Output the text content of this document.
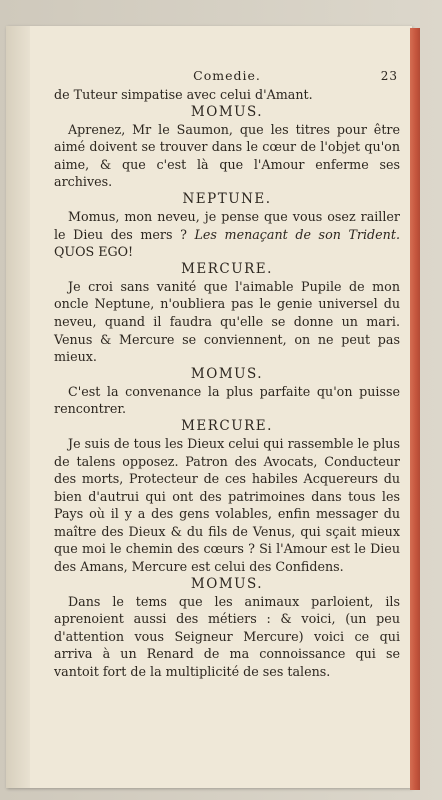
Comedie.	23

de Tuteur simpatise avec celui d'Amant.

MOMUS.

Aprenez, Mr le Saumon, que les titres pour être aimé doivent se trouver dans le cœur de l'objet qu'on aime, & que c'est là que l'Amour enferme ses archives.

NEPTUNE.

Momus, mon neveu, je pense que vous osez railler le Dieu des mers ? Les menaçant de son Trident. QUOS EGO!

MERCURE.

Je croi sans vanité que l'aimable Pupile de mon oncle Neptune, n'oubliera pas le genie universel du neveu, quand il faudra qu'elle se donne un mari. Venus & Mercure se conviennent, on ne peut pas mieux.

MOMUS.

C'est la convenance la plus parfaite qu'on puisse rencontrer.

MERCURE.

Je suis de tous les Dieux celui qui rassemble le plus de talens opposez. Patron des Avocats, Conducteur des morts, Protecteur de ces habiles Acquereurs du bien d'autrui qui ont des patrimoines dans tous les Pays où il y a des gens volables, enfin messager du maître des Dieux & du fils de Venus, qui sçait mieux que moi le chemin des cœurs ? Si l'Amour est le Dieu des Amans, Mercure est celui des Confidens.

MOMUS.

Dans le tems que les animaux parloient, ils aprenoient aussi des métiers : & voici, (un peu d'attention vous Seigneur Mercure) voici ce qui arriva à un Renard de ma connoissance qui se vantoit fort de la multiplicité de ses talens.
